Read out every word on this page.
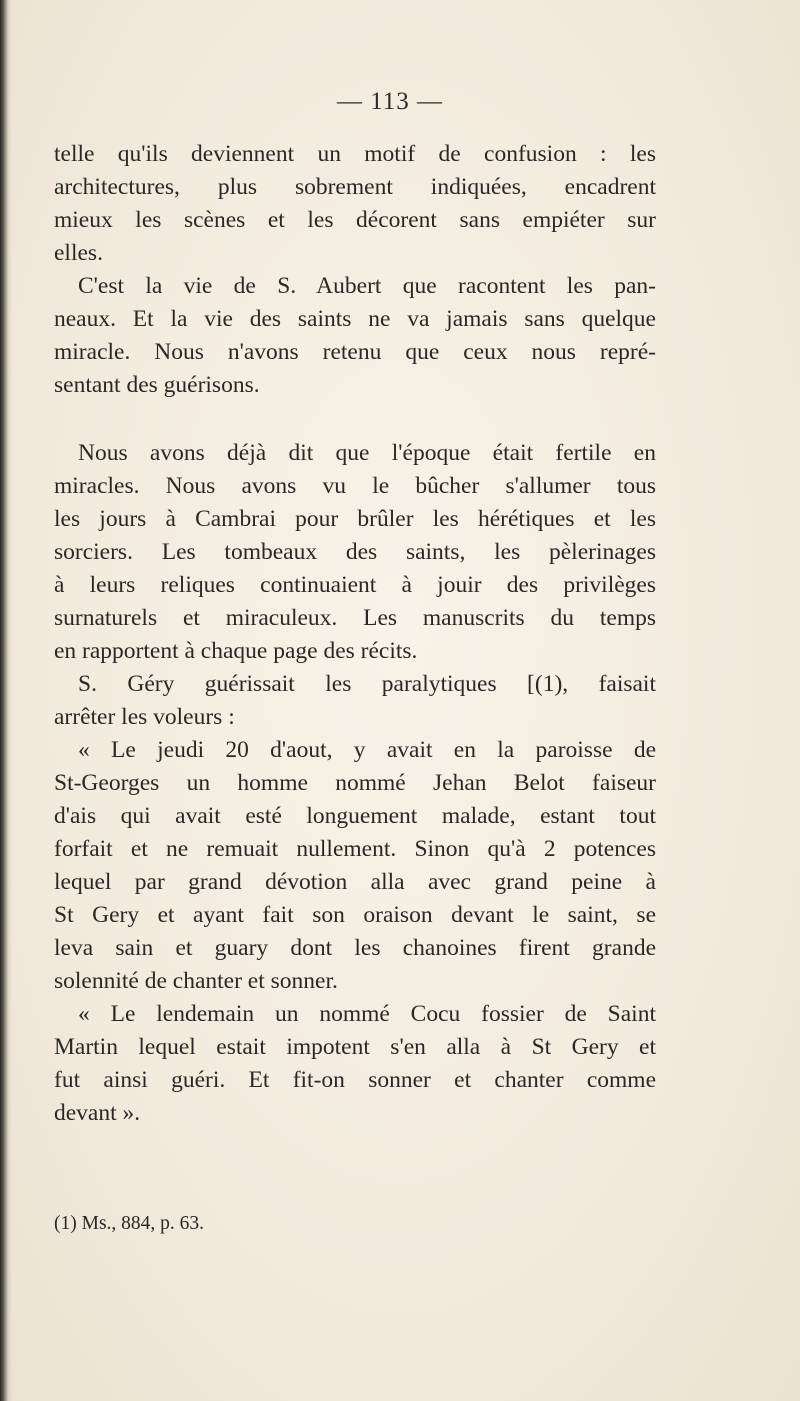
— 113 —
telle qu'ils deviennent un motif de confusion : les
architectures, plus sobrement indiquées, encadrent
mieux les scènes et les décorent sans empiéter sur
elles.
C'est la vie de S. Aubert que racontent les pan-
neaux. Et la vie des saints ne va jamais sans quelque
miracle. Nous n'avons retenu que ceux nous repré-
sentant des guérisons.
Nous avons déjà dit que l'époque était fertile en
miracles. Nous avons vu le bûcher s'allumer tous
les jours à Cambrai pour brûler les hérétiques et les
sorciers. Les tombeaux des saints, les pèlerinages
à leurs reliques continuaient à jouir des privilèges
surnaturels et miraculeux. Les manuscrits du temps
en rapportent à chaque page des récits.
S. Géry guérissait les paralytiques [(1), faisait
arrêter les voleurs :
« Le jeudi 20 d'aout, y avait en la paroisse de
St-Georges un homme nommé Jehan Belot faiseur
d'ais qui avait esté longuement malade, estant tout
forfait et ne remuait nullement. Sinon qu'à 2 potences
lequel par grand dévotion alla avec grand peine à
St Gery et ayant fait son oraison devant le saint, se
leva sain et guary dont les chanoines firent grande
solennité de chanter et sonner.
« Le lendemain un nommé Cocu fossier de Saint
Martin lequel estait impotent s'en alla à St Gery et
fut ainsi guéri. Et fit-on sonner et chanter comme
devant ».
(1) Ms., 884, p. 63.
